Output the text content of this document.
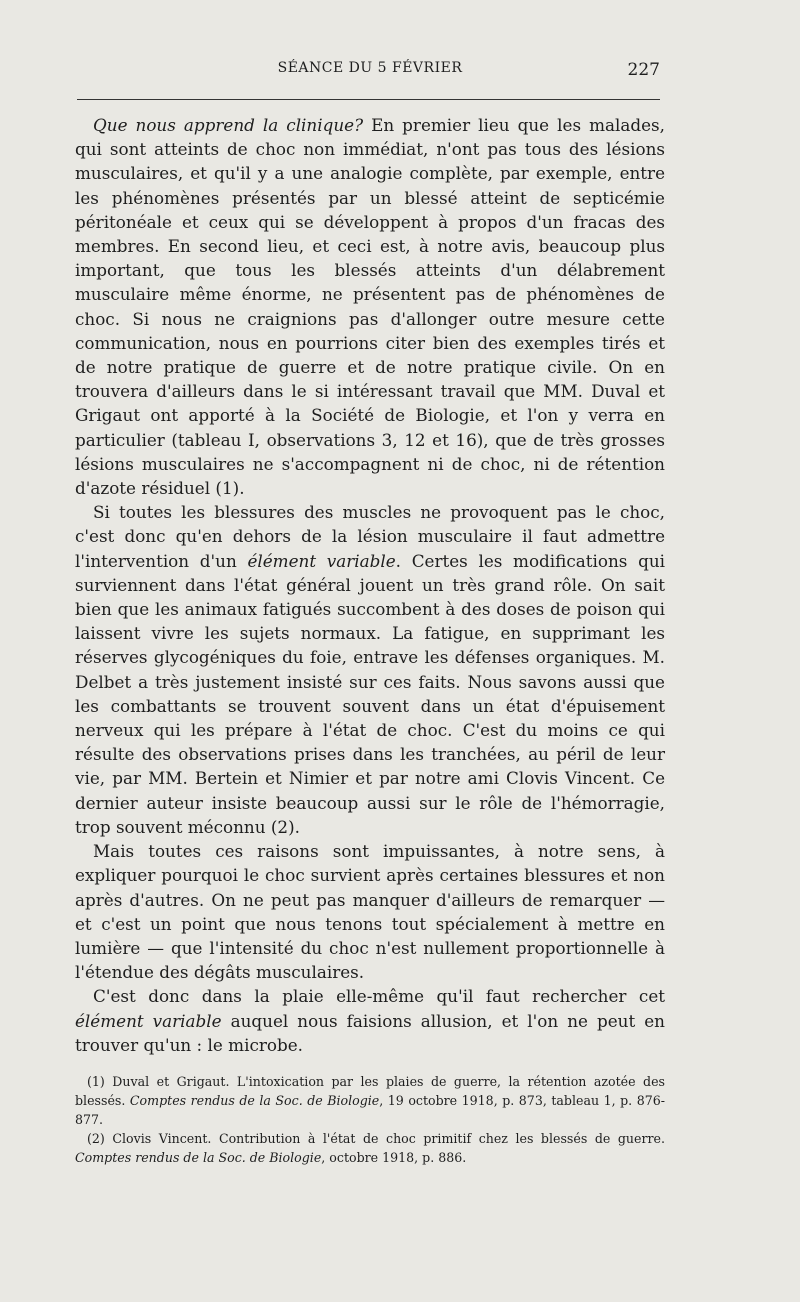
SÉANCE DU 5 FÉVRIER	227

Que nous apprend la clinique? En premier lieu que les malades, qui sont atteints de choc non immédiat, n'ont pas tous des lésions musculaires, et qu'il y a une analogie complète, par exemple, entre les phénomènes présentés par un blessé atteint de septicémie péritonéale et ceux qui se développent à propos d'un fracas des membres. En second lieu, et ceci est, à notre avis, beaucoup plus important, que tous les blessés atteints d'un délabrement musculaire même énorme, ne présentent pas de phénomènes de choc. Si nous ne craignions pas d'allonger outre mesure cette communication, nous en pourrions citer bien des exemples tirés et de notre pratique de guerre et de notre pratique civile. On en trouvera d'ailleurs dans le si intéressant travail que MM. Duval et Grigaut ont apporté à la Société de Biologie, et l'on y verra en particulier (tableau I, observations 3, 12 et 16), que de très grosses lésions musculaires ne s'accompagnent ni de choc, ni de rétention d'azote résiduel (1).

Si toutes les blessures des muscles ne provoquent pas le choc, c'est donc qu'en dehors de la lésion musculaire il faut admettre l'intervention d'un élément variable. Certes les modifications qui surviennent dans l'état général jouent un très grand rôle. On sait bien que les animaux fatigués succombent à des doses de poison qui laissent vivre les sujets normaux. La fatigue, en supprimant les réserves glycogéniques du foie, entrave les défenses organiques. M. Delbet a très justement insisté sur ces faits. Nous savons aussi que les combattants se trouvent souvent dans un état d'épuisement nerveux qui les prépare à l'état de choc. C'est du moins ce qui résulte des observations prises dans les tranchées, au péril de leur vie, par MM. Bertein et Nimier et par notre ami Clovis Vincent. Ce dernier auteur insiste beaucoup aussi sur le rôle de l'hémorragie, trop souvent méconnu (2).

Mais toutes ces raisons sont impuissantes, à notre sens, à expliquer pourquoi le choc survient après certaines blessures et non après d'autres. On ne peut pas manquer d'ailleurs de remarquer — et c'est un point que nous tenons tout spécialement à mettre en lumière — que l'intensité du choc n'est nullement proportionnelle à l'étendue des dégâts musculaires.

C'est donc dans la plaie elle-même qu'il faut rechercher cet élément variable auquel nous faisions allusion, et l'on ne peut en trouver qu'un : le microbe.

(1) Duval et Grigaut. L'intoxication par les plaies de guerre, la rétention azotée des blessés. Comptes rendus de la Soc. de Biologie, 19 octobre 1918, p. 873, tableau 1, p. 876-877.

(2) Clovis Vincent. Contribution à l'état de choc primitif chez les blessés de guerre. Comptes rendus de la Soc. de Biologie, octobre 1918, p. 886.
